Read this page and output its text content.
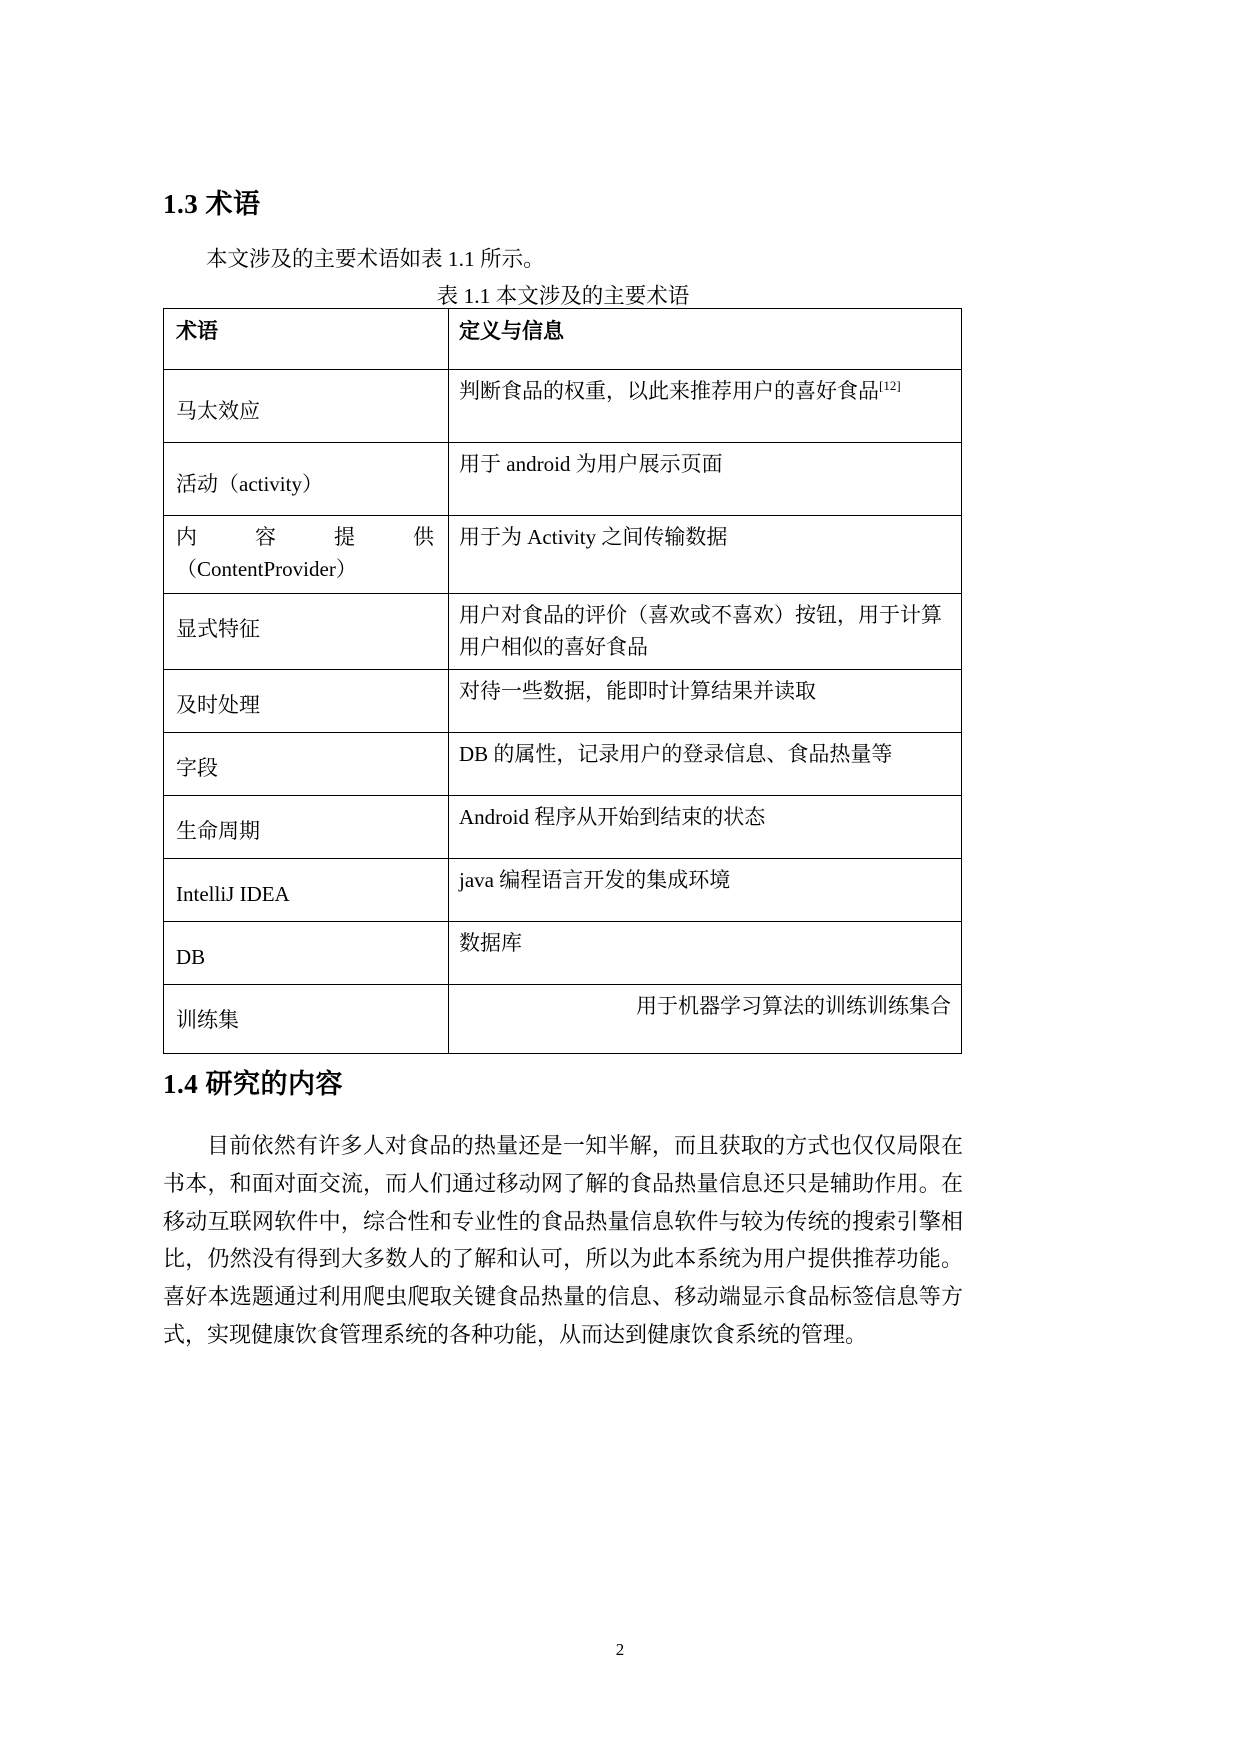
1.3 术语
本文涉及的主要术语如表 1.1 所示。
表 1.1 本文涉及的主要术语
术语	定义与信息

马太效应	判断食品的权重，以此来推荐用户的喜好食品[12]

活动（activity）	用于 android 为用户展示页面

内　容　提　供
（ContentProvider）	用于为 Activity 之间传输数据

显式特征	用户对食品的评价（喜欢或不喜欢）按钮，用于计算用户相似的喜好食品

及时处理	对待一些数据，能即时计算结果并读取

字段	DB 的属性，记录用户的登录信息、食品热量等

生命周期	Android 程序从开始到结束的状态

IntelliJ IDEA	java 编程语言开发的集成环境

DB	数据库

训练集	用于机器学习算法的训练训练集合
1.4 研究的内容
目前依然有许多人对食品的热量还是一知半解，而且获取的方式也仅仅局限在书本，和面对面交流，而人们通过移动网了解的食品热量信息还只是辅助作用。在移动互联网软件中，综合性和专业性的食品热量信息软件与较为传统的搜索引擎相比，仍然没有得到大多数人的了解和认可，所以为此本系统为用户提供推荐功能。喜好本选题通过利用爬虫爬取关键食品热量的信息、移动端显示食品标签信息等方式，实现健康饮食管理系统的各种功能，从而达到健康饮食系统的管理。
2
